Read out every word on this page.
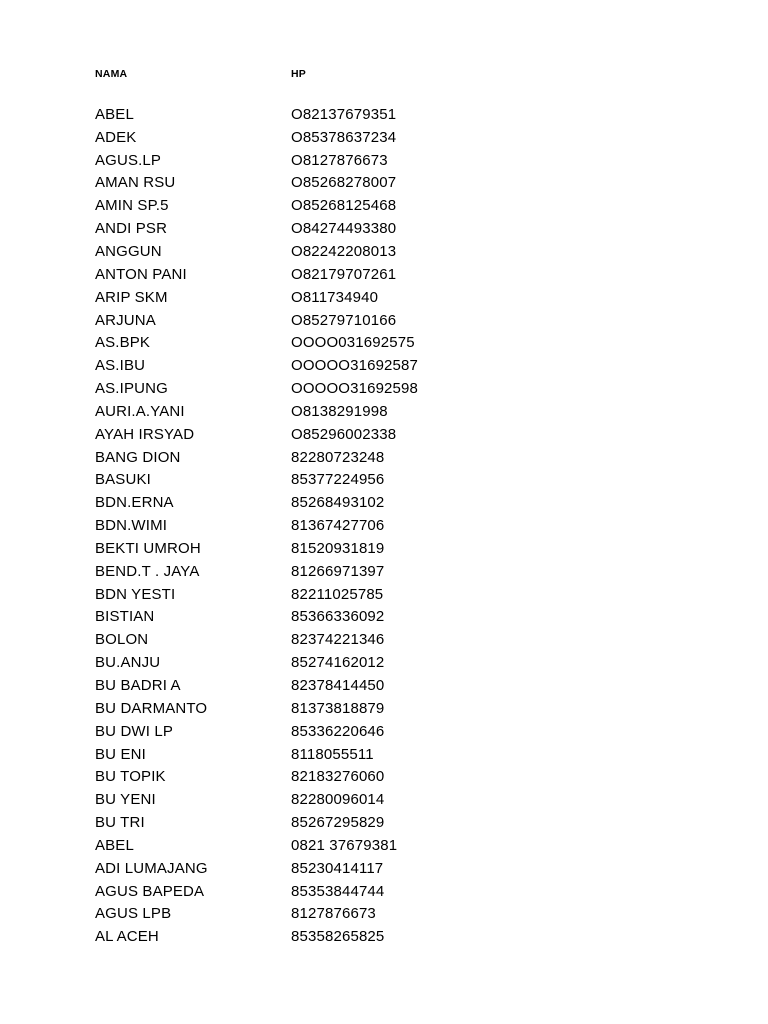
NAMA	HP
ABEL	O82137679351
ADEK	O85378637234
AGUS.LP	O8127876673
AMAN RSU	O85268278007
AMIN SP.5	O85268125468
ANDI PSR	O84274493380
ANGGUN	O82242208013
ANTON PANI	O82179707261
ARIP SKM	O811734940
ARJUNA	O85279710166
AS.BPK	OOOO031692575
AS.IBU	OOOOO31692587
AS.IPUNG	OOOOO31692598
AURI.A.YANI	O8138291998
AYAH IRSYAD	O85296002338
BANG DION	82280723248
BASUKI	85377224956
BDN.ERNA	85268493102
BDN.WIMI	81367427706
BEKTI UMROH	81520931819
BEND.T . JAYA	81266971397
BDN YESTI	82211025785
BISTIAN	85366336092
BOLON	82374221346
BU.ANJU	85274162012
BU BADRI A	82378414450
BU DARMANTO	81373818879
BU DWI LP	85336220646
BU ENI	8118055511
BU TOPIK	82183276060
BU YENI	82280096014
BU TRI	85267295829
ABEL	0821 37679381
ADI LUMAJANG	85230414117
AGUS BAPEDA	85353844744
AGUS LPB	8127876673
AL ACEH	85358265825
